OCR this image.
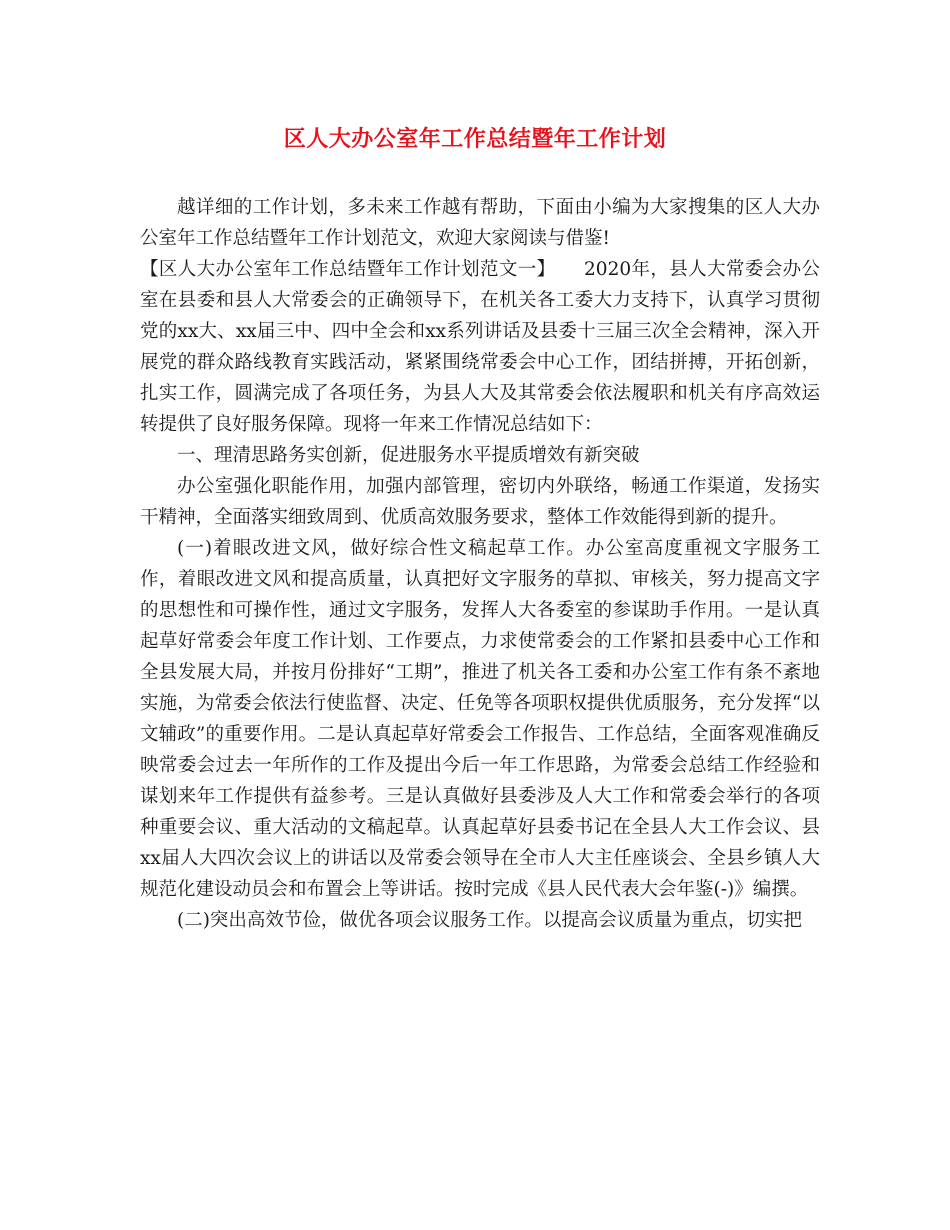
区人大办公室年工作总结暨年工作计划

越详细的工作计划，多未来工作越有帮助，下面由小编为大家搜集的区人大办公室年工作总结暨年工作计划范文，欢迎大家阅读与借鉴!

【区人大办公室年工作总结暨年工作计划范文一】　　2020年，县人大常委会办公室在县委和县人大常委会的正确领导下，在机关各工委大力支持下，认真学习贯彻党的xx大、xx届三中、四中全会和xx系列讲话及县委十三届三次全会精神，深入开展党的群众路线教育实践活动，紧紧围绕常委会中心工作，团结拼搏，开拓创新，扎实工作，圆满完成了各项任务，为县人大及其常委会依法履职和机关有序高效运转提供了良好服务保障。现将一年来工作情况总结如下：

一、理清思路务实创新，促进服务水平提质增效有新突破

办公室强化职能作用，加强内部管理，密切内外联络，畅通工作渠道，发扬实干精神，全面落实细致周到、优质高效服务要求，整体工作效能得到新的提升。

(一)着眼改进文风，做好综合性文稿起草工作。办公室高度重视文字服务工作，着眼改进文风和提高质量，认真把好文字服务的草拟、审核关，努力提高文字的思想性和可操作性，通过文字服务，发挥人大各委室的参谋助手作用。一是认真起草好常委会年度工作计划、工作要点，力求使常委会的工作紧扣县委中心工作和全县发展大局，并按月份排好“工期”，推进了机关各工委和办公室工作有条不紊地实施，为常委会依法行使监督、决定、任免等各项职权提供优质服务，充分发挥“以文辅政”的重要作用。二是认真起草好常委会工作报告、工作总结，全面客观准确反映常委会过去一年所作的工作及提出今后一年工作思路，为常委会总结工作经验和谋划来年工作提供有益参考。三是认真做好县委涉及人大工作和常委会举行的各项种重要会议、重大活动的文稿起草。认真起草好县委书记在全县人大工作会议、县xx届人大四次会议上的讲话以及常委会领导在全市人大主任座谈会、全县乡镇人大规范化建设动员会和布置会上等讲话。按时完成《县人民代表大会年鉴(-)》编撰。

(二)突出高效节俭，做优各项会议服务工作。以提高会议质量为重点，切实把
